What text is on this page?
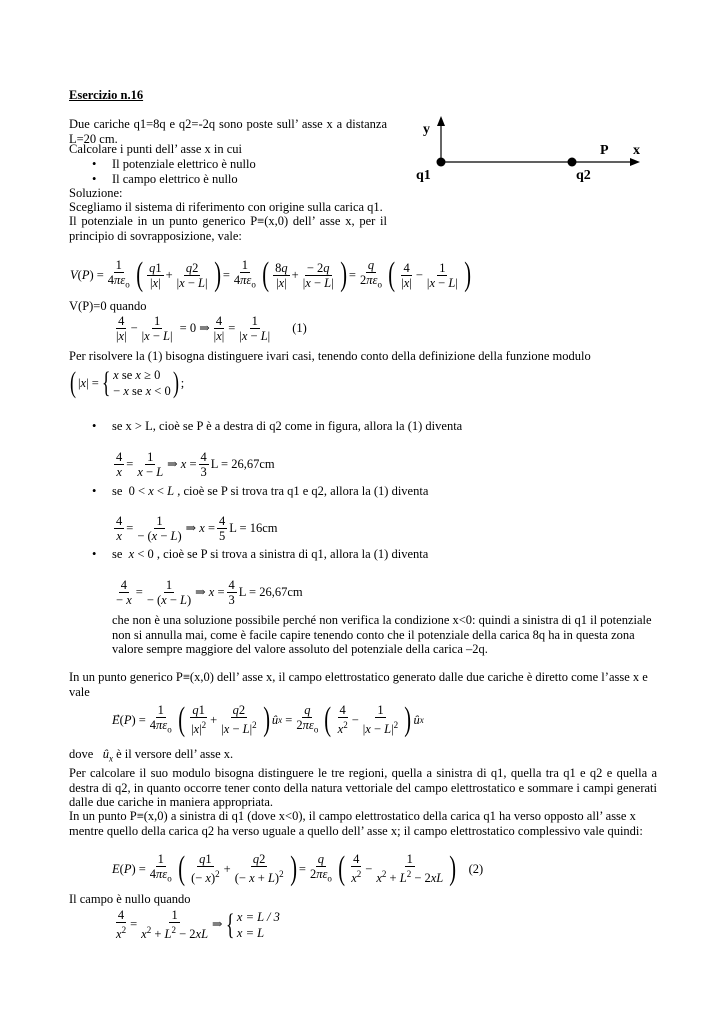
Esercizio n.16
Due cariche q1=8q e q2=-2q sono poste sull’ asse x a distanza L=20 cm.
Calcolare i punti dell’ asse x in cui
• Il potenziale elettrico è nullo
• Il campo elettrico è nullo
Soluzione:
Scegliamo il sistema di riferimento con origine sulla carica q1.
Il potenziale in un punto generico P≡(x,0) dell’ asse x, per il principio di sovrapposizione, vale:
y
x
P
q1	q2
V ( P ) = $\frac{1}{4\pi\varepsilon_o}$ ( $\frac{q1}{|x|} + \frac{q2}{|x - L|}$ ) = $\frac{1}{4\pi\varepsilon_o}$ ( $\frac{8q}{|x|} + \frac{- 2q}{|x - L|}$ ) = $\frac{q}{2\pi\varepsilon_o}$ ( $\frac{4}{|x|} - \frac{1}{|x - L|}$ )
V(P)=0 quando
$\frac{4}{|x|} - \frac{1}{|x - L|} = 0$ ⇒ $\frac{4}{|x|} = \frac{1}{|x - L|} (1)$
Per risolvere la (1) bisogna distinguere ivari casi, tenendo conto della definizione della funzione modulo
( | x | = { x se x ≥ 0
− x se x < 0 ) ;
• se x > L, cioè se P è a destra di q2 come in figura, allora la (1) diventa
$\frac{4}{x} = \frac{1}{x - L}$ ⇒ $x = \frac{4}{3}$ L = 26,67cm
• se  0 < x < L , cioè se P si trova tra q1 e q2, allora la (1) diventa
$\frac{4}{x} = \frac{1}{- (x - L)}$ ⇒ $x = \frac{4}{5}$ L = 16cm
• se x < 0 , cioè se P si trova a sinistra di q1, allora la (1) diventa
$\frac{4}{- x} = \frac{1}{- (x - L)}$ ⇒ $x = \frac{4}{3}$ L = 26,67cm
che non è una soluzione possibile perché non verifica la condizione x<0: quindi a sinistra di q1 il potenziale non si annulla mai, come è facile capire tenendo conto che il potenziale della carica 8q ha in questa zona valore sempre maggiore del valore assoluto del potenziale della carica –2q.
In un punto generico P≡(x,0) dell’ asse x, il campo elettrostatico generato dalle due cariche è diretto come l’asse x e vale
E ⃗( P ) = $\frac{1}{4\pi\varepsilon_o}$ ( $\frac{q1}{|x|^2} + \frac{q2}{|x - L|^2}$ ) û $x = \frac{q}{2\pi\varepsilon_o}$ ( $\frac{4}{x^2} - \frac{1}{|x - L|^2}$ ) û x
dove $û_x$ è il versore dell’ asse x.
Per calcolare il suo modulo bisogna distinguere le tre regioni, quella a sinistra di q1, quella tra q1 e q2 e quella a destra di q2, in quanto occorre tener conto della natura vettoriale del campo elettrostatico e sommare i campi generati dalle due cariche in maniera appropriata.
In un punto P≡(x,0) a sinistra di q1 (dove x<0), il campo elettrostatico della carica q1 ha verso opposto all’ asse x mentre quello della carica q2 ha verso uguale a quello dell’ asse x; il campo elettrostatico complessivo vale quindi:
E ( P ) = $\frac{1}{4\pi\varepsilon_o}$ ( $\frac{q1}{(- x)^2} + \frac{q2}{(- x + L)^2}$ ) = $\frac{q}{2\pi\varepsilon_o}$ ( $\frac{4}{x^2} - \frac{1}{x^2 + L^2 - 2xL}$ ) (2)
Il campo è nullo quando
$\frac{4}{x^2} = \frac{1}{x^2 + L^2 - 2xL}$ ⇒ { x = L / 3
x = L
